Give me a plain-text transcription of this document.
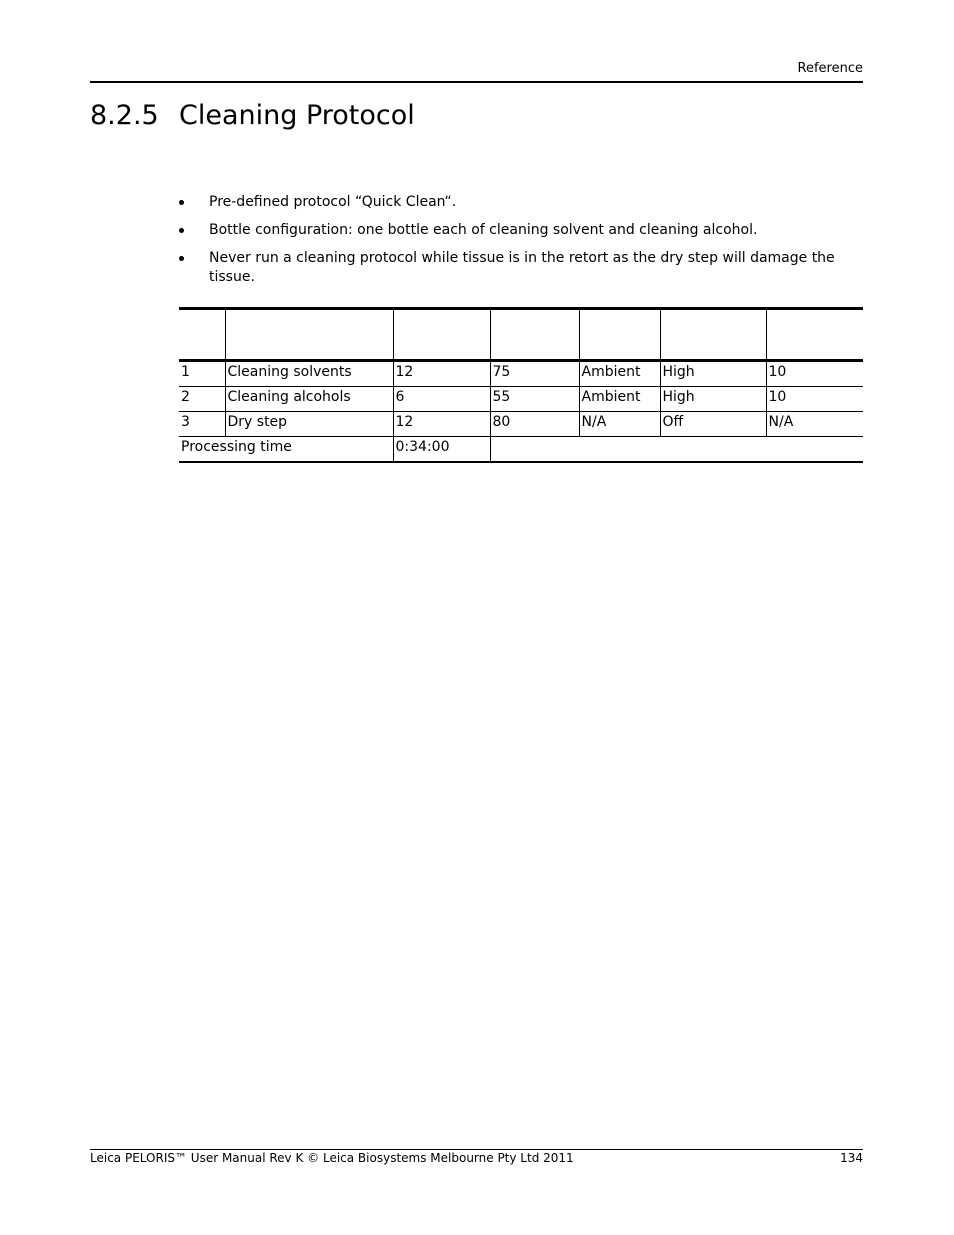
Reference
8.2.5 Cleaning Protocol
Pre-defined protocol “Quick Clean“.
Bottle configuration: one bottle each of cleaning solvent and cleaning alcohol.
Never run a cleaning protocol while tissue is in the retort as the dry step will damage the tissue.

1	Cleaning solvents	12	75	Ambient	High	10
2	Cleaning alcohols	6	55	Ambient	High	10
3	Dry step	12	80	N/A	Off	N/A
Processing time		0:34:00				
Leica PELORIS™ User Manual Rev K © Leica Biosystems Melbourne Pty Ltd 2011	134
